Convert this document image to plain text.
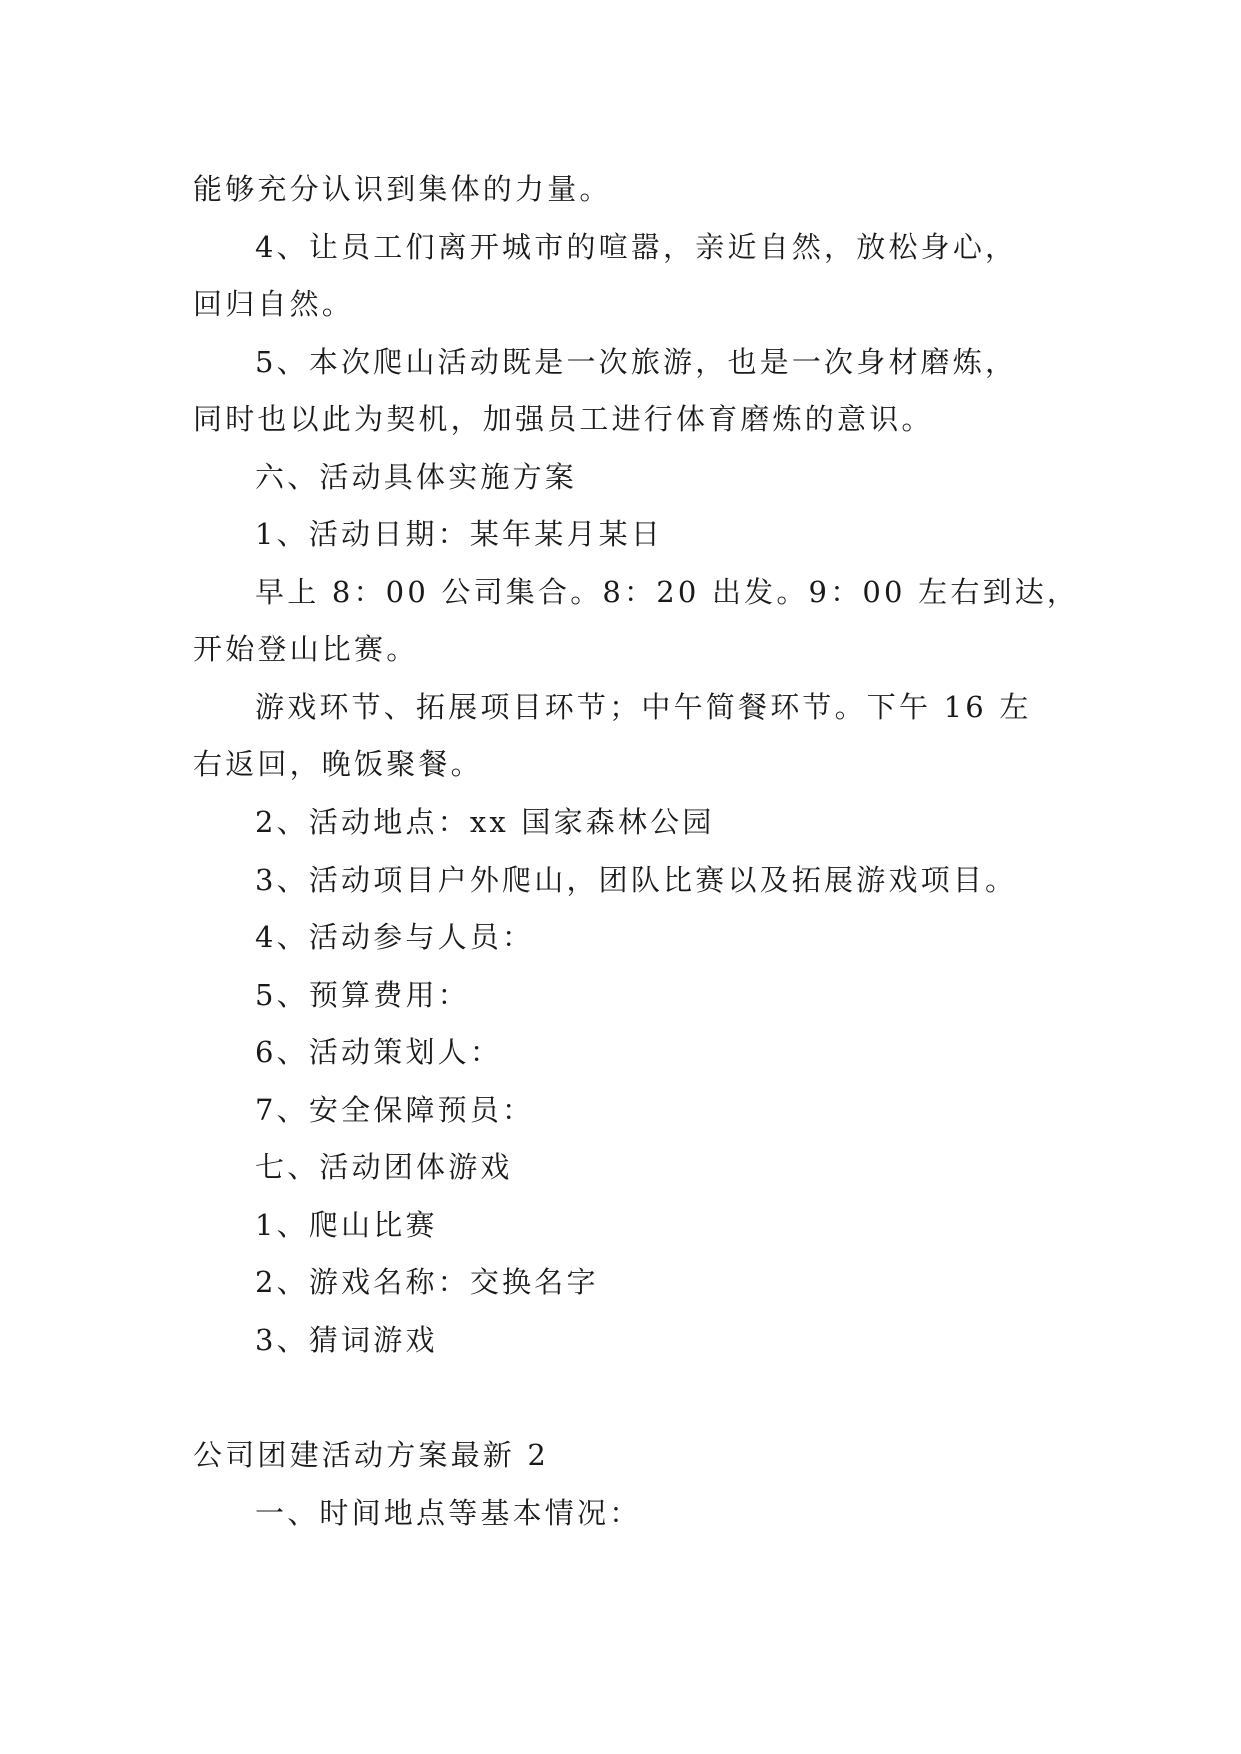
能够充分认识到集体的力量。
4、让员工们离开城市的喧嚣，亲近自然，放松身心，
回归自然。
5、本次爬山活动既是一次旅游，也是一次身材磨炼，
同时也以此为契机，加强员工进行体育磨炼的意识。
六、活动具体实施方案
1、活动日期：某年某月某日
早上 8：00 公司集合。8：20 出发。9：00 左右到达，
开始登山比赛。
游戏环节、拓展项目环节；中午简餐环节。下午 16 左
右返回，晚饭聚餐。
2、活动地点：xx 国家森林公园
3、活动项目户外爬山，团队比赛以及拓展游戏项目。
4、活动参与人员：
5、预算费用：
6、活动策划人：
7、安全保障预员：
七、活动团体游戏
1、爬山比赛
2、游戏名称：交换名字
3、猜词游戏
公司团建活动方案最新 2
一、时间地点等基本情况：
